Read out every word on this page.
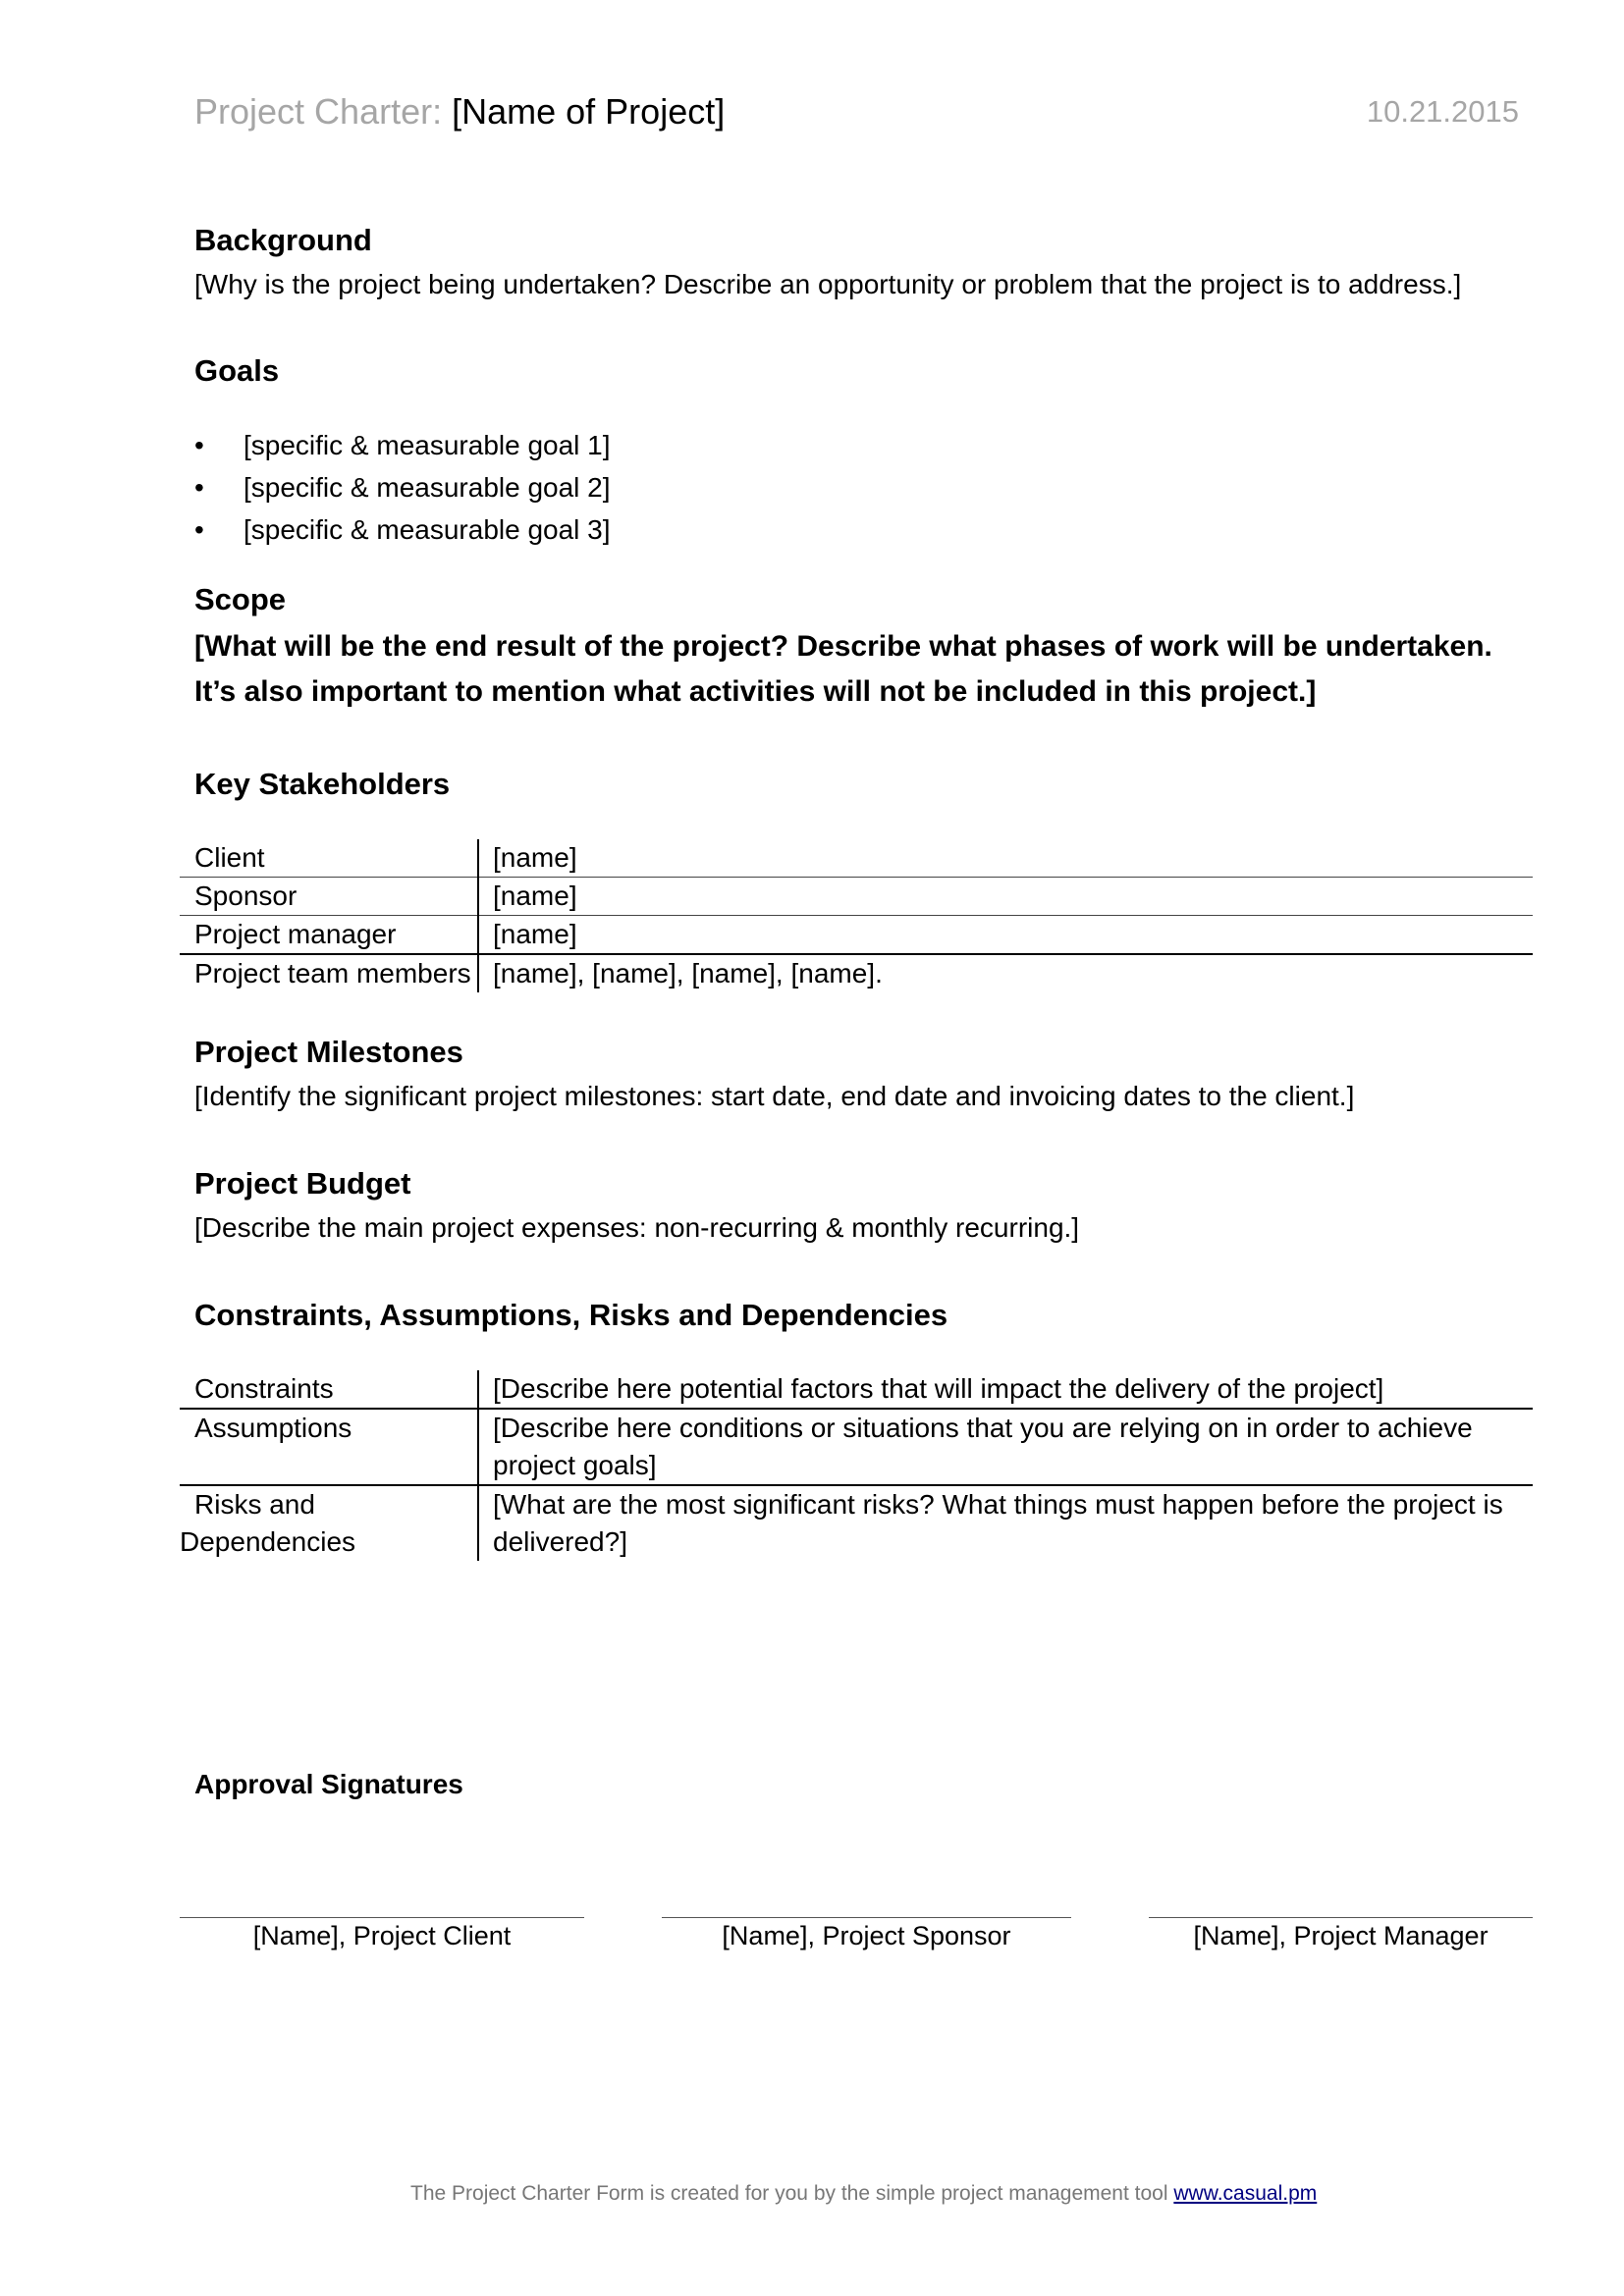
Project Charter: [Name of Project]	10.21.2015
Background
[Why is the project being undertaken? Describe an opportunity or problem that the project is to address.]
Goals
• [specific & measurable goal 1]
• [specific & measurable goal 2]
• [specific & measurable goal 3]
Scope
[What will be the end result of the project? Describe what phases of work will be undertaken. It’s also important to mention what activities will not be included in this project.]
Key Stakeholders
Client	[name]
Sponsor	[name]
Project manager	[name]
Project team members	[name], [name], [name], [name].
Project Milestones
[Identify the significant project milestones: start date, end date and invoicing dates to the client.]
Project Budget
[Describe the main project expenses: non-recurring & monthly recurring.]
Constraints, Assumptions, Risks and Dependencies
Constraints	[Describe here potential factors that will impact the delivery of the project]
Assumptions	[Describe here conditions or situations that you are relying on in order to achieve project goals]
Risks and Dependencies	[What are the most significant risks? What things must happen before the project is delivered?]
Approval Signatures
[Name], Project Client	[Name], Project Sponsor	[Name], Project Manager
The Project Charter Form is created for you by the simple project management tool www.casual.pm
